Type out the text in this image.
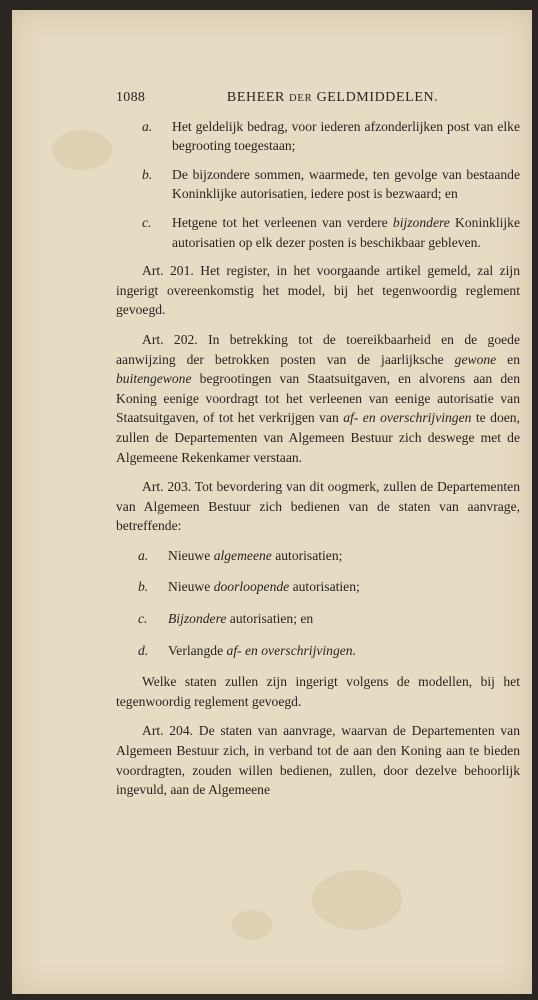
1088	BEHEER DER GELDMIDDELEN.
a.	Het geldelijk bedrag, voor iederen afzonderlijken post van elke begrooting toegestaan;
b.	De bijzondere sommen, waarmede, ten gevolge van bestaande Koninklijke autorisatien, iedere post is bezwaard; en
c.	Hetgene tot het verleenen van verdere bijzondere Koninklijke autorisatien op elk dezer posten is beschikbaar gebleven.

Art. 201. Het register, in het voorgaande artikel gemeld, zal zijn ingerigt overeenkomstig het model, bij het tegenwoordig reglement gevoegd.

Art. 202. In betrekking tot de toereikbaarheid en de goede aanwijzing der betrokken posten van de jaarlijksche gewone en buitengewone begrootingen van Staatsuitgaven, en alvorens aan den Koning eenige voordragt tot het verleenen van eenige autorisatie van Staatsuitgaven, of tot het verkrijgen van af- en overschrijvingen te doen, zullen de Departementen van Algemeen Bestuur zich deswege met de Algemeene Rekenkamer verstaan.

Art. 203. Tot bevordering van dit oogmerk, zullen de Departementen van Algemeen Bestuur zich bedienen van de staten van aanvrage, betreffende:

a.	Nieuwe algemeene autorisatien;
b.	Nieuwe doorloopende autorisatien;
c.	Bijzondere autorisatien; en
d.	Verlangde af- en overschrijvingen.

Welke staten zullen zijn ingerigt volgens de modellen, bij het tegenwoordig reglement gevoegd.

Art. 204. De staten van aanvrage, waarvan de Departementen van Algemeen Bestuur zich, in verband tot de aan den Koning aan te bieden voordragten, zouden willen bedienen, zullen, door dezelve behoorlijk ingevuld, aan de Algemeene
